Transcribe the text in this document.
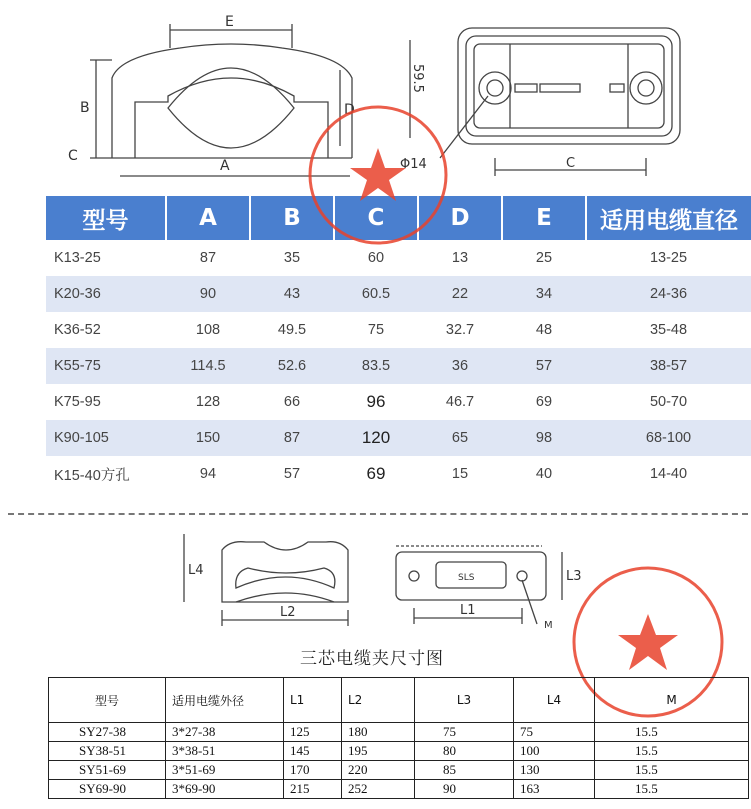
E
B
C
D
A
59.5
Φ14	C
型号	A	B	C	D	E	适用电缆直径
K13-25	87	35	60	13	25	13-25
K20-36	90	43	60.5	22	34	24-36
K36-52	108	49.5	75	32.7	48	35-48
K55-75	114.5	52.6	83.5	36	57	38-57
K75-95	128	66	96	46.7	69	50-70
K90-105	150	87	120	65	98	68-100
K15-40方孔	94	57	69	15	40	14-40
L4
L2	L1
L3
M
SLS
三芯电缆夹尺寸图
型号	适用电缆外径	L1	L2	L3	L4	M
SY27-38	3*27-38	125	180	75	75	15.5
SY38-51	3*38-51	145	195	80	100	15.5
SY51-69	3*51-69	170	220	85	130	15.5
SY69-90	3*69-90	215	252	90	163	15.5
